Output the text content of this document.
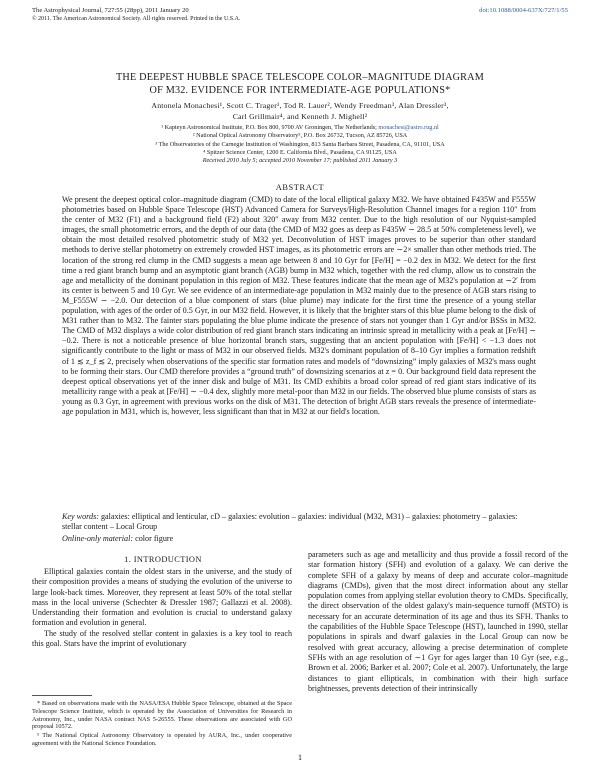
The Astrophysical Journal, 727:55 (28pp), 2011 January 20	doi:10.1088/0004-637X/727/1/55
© 2011. The American Astronomical Society. All rights reserved. Printed in the U.S.A.
THE DEEPEST HUBBLE SPACE TELESCOPE COLOR–MAGNITUDE DIAGRAM
OF M32. EVIDENCE FOR INTERMEDIATE-AGE POPULATIONS*
Antonela Monachesi¹, Scott C. Trager¹, Tod R. Lauer², Wendy Freedman³, Alan Dressler³,
Carl Grillmair⁴, and Kenneth J. Mighell²
¹ Kapteyn Astronomical Institute, P.O. Box 800, 9700 AV Groningen, The Netherlands; monachesi@astro.rug.nl
² National Optical Astronomy Observatory⁵, P.O. Box 26732, Tucson, AZ 85726, USA
³ The Observatories of the Carnegie Institution of Washington, 813 Santa Barbara Street, Pasadena, CA, 91101, USA
⁴ Spitzer Science Center, 1200 E. California Blvd., Pasadena, CA 91125, USA
Received 2010 July 5; accepted 2010 November 17; published 2011 January 3
ABSTRACT
We present the deepest optical color–magnitude diagram (CMD) to date of the local elliptical galaxy M32. We have obtained F435W and F555W photometries based on Hubble Space Telescope (HST) Advanced Camera for Surveys/High-Resolution Channel images for a region 110″ from the center of M32 (F1) and a background field (F2) about 320″ away from M32 center. Due to the high resolution of our Nyquist-sampled images, the small photometric errors, and the depth of our data (the CMD of M32 goes as deep as F435W ∼ 28.5 at 50% completeness level), we obtain the most detailed resolved photometric study of M32 yet. Deconvolution of HST images proves to be superior than other standard methods to derive stellar photometry on extremely crowded HST images, as its photometric errors are ∼2× smaller than other methods tried. The location of the strong red clump in the CMD suggests a mean age between 8 and 10 Gyr for [Fe/H] = −0.2 dex in M32. We detect for the first time a red giant branch bump and an asymptotic giant branch (AGB) bump in M32 which, together with the red clump, allow us to constrain the age and metallicity of the dominant population in this region of M32. These features indicate that the mean age of M32's population at ∼2′ from its center is between 5 and 10 Gyr. We see evidence of an intermediate-age population in M32 mainly due to the presence of AGB stars rising to M_F555W ∼ −2.0. Our detection of a blue component of stars (blue plume) may indicate for the first time the presence of a young stellar population, with ages of the order of 0.5 Gyr, in our M32 field. However, it is likely that the brighter stars of this blue plume belong to the disk of M31 rather than to M32. The fainter stars populating the blue plume indicate the presence of stars not younger than 1 Gyr and/or BSSs in M32. The CMD of M32 displays a wide color distribution of red giant branch stars indicating an intrinsic spread in metallicity with a peak at [Fe/H] ∼ −0.2. There is not a noticeable presence of blue horizontal branch stars, suggesting that an ancient population with [Fe/H] < −1.3 does not significantly contribute to the light or mass of M32 in our observed fields. M32's dominant population of 8–10 Gyr implies a formation redshift of 1 ≲ z_f ≲ 2, precisely when observations of the specific star formation rates and models of “downsizing” imply galaxies of M32's mass ought to be forming their stars. Our CMD therefore provides a “ground truth” of downsizing scenarios at z = 0. Our background field data represent the deepest optical observations yet of the inner disk and bulge of M31. Its CMD exhibits a broad color spread of red giant stars indicative of its metallicity range with a peak at [Fe/H] ∼ −0.4 dex, slightly more metal-poor than M32 in our fields. The observed blue plume consists of stars as young as 0.3 Gyr, in agreement with previous works on the disk of M31. The detection of bright AGB stars reveals the presence of intermediate-age population in M31, which is, however, less significant than that in M32 at our field's location.
Key words: galaxies: elliptical and lenticular, cD – galaxies: evolution – galaxies: individual (M32, M31) – galaxies: photometry – galaxies: stellar content – Local Group
Online-only material: color figure
1. INTRODUCTION

Elliptical galaxies contain the oldest stars in the universe, and the study of their composition provides a means of studying the evolution of the universe to large look-back times. Moreover, they represent at least 50% of the total stellar mass in the local universe (Schechter & Dressler 1987; Gallazzi et al. 2008). Understanding their formation and evolution is crucial to understand galaxy formation and evolution in general.

The study of the resolved stellar content in galaxies is a key tool to reach this goal. Stars have the imprint of evolutionary

parameters such as age and metallicity and thus provide a fossil record of the star formation history (SFH) and evolution of a galaxy. We can derive the complete SFH of a galaxy by means of deep and accurate color–magnitude diagrams (CMDs), given that the most direct information about any stellar population comes from applying stellar evolution theory to CMDs. Specifically, the direct observation of the oldest galaxy's main-sequence turnoff (MSTO) is necessary for an accurate determination of its age and thus its SFH. Thanks to the capabilities of the Hubble Space Telescope (HST), launched in 1990, stellar populations in spirals and dwarf galaxies in the Local Group can now be resolved with great accuracy, allowing a precise determination of complete SFHs with an age resolution of ∼1 Gyr for ages larger than 10 Gyr (see, e.g., Brown et al. 2006; Barker et al. 2007; Cole et al. 2007). Unfortunately, the large distances to giant ellipticals, in combination with their high surface brightnesses, prevents detection of their intrinsically

* Based on observations made with the NASA/ESA Hubble Space Telescope, obtained at the Space Telescope Science Institute, which is operated by the Association of Universities for Research in Astronomy, Inc., under NASA contract NAS 5-26555. These observations are associated with GO proposal 10572.

⁵ The National Optical Astronomy Observatory is operated by AURA, Inc., under cooperative agreement with the National Science Foundation.

1
